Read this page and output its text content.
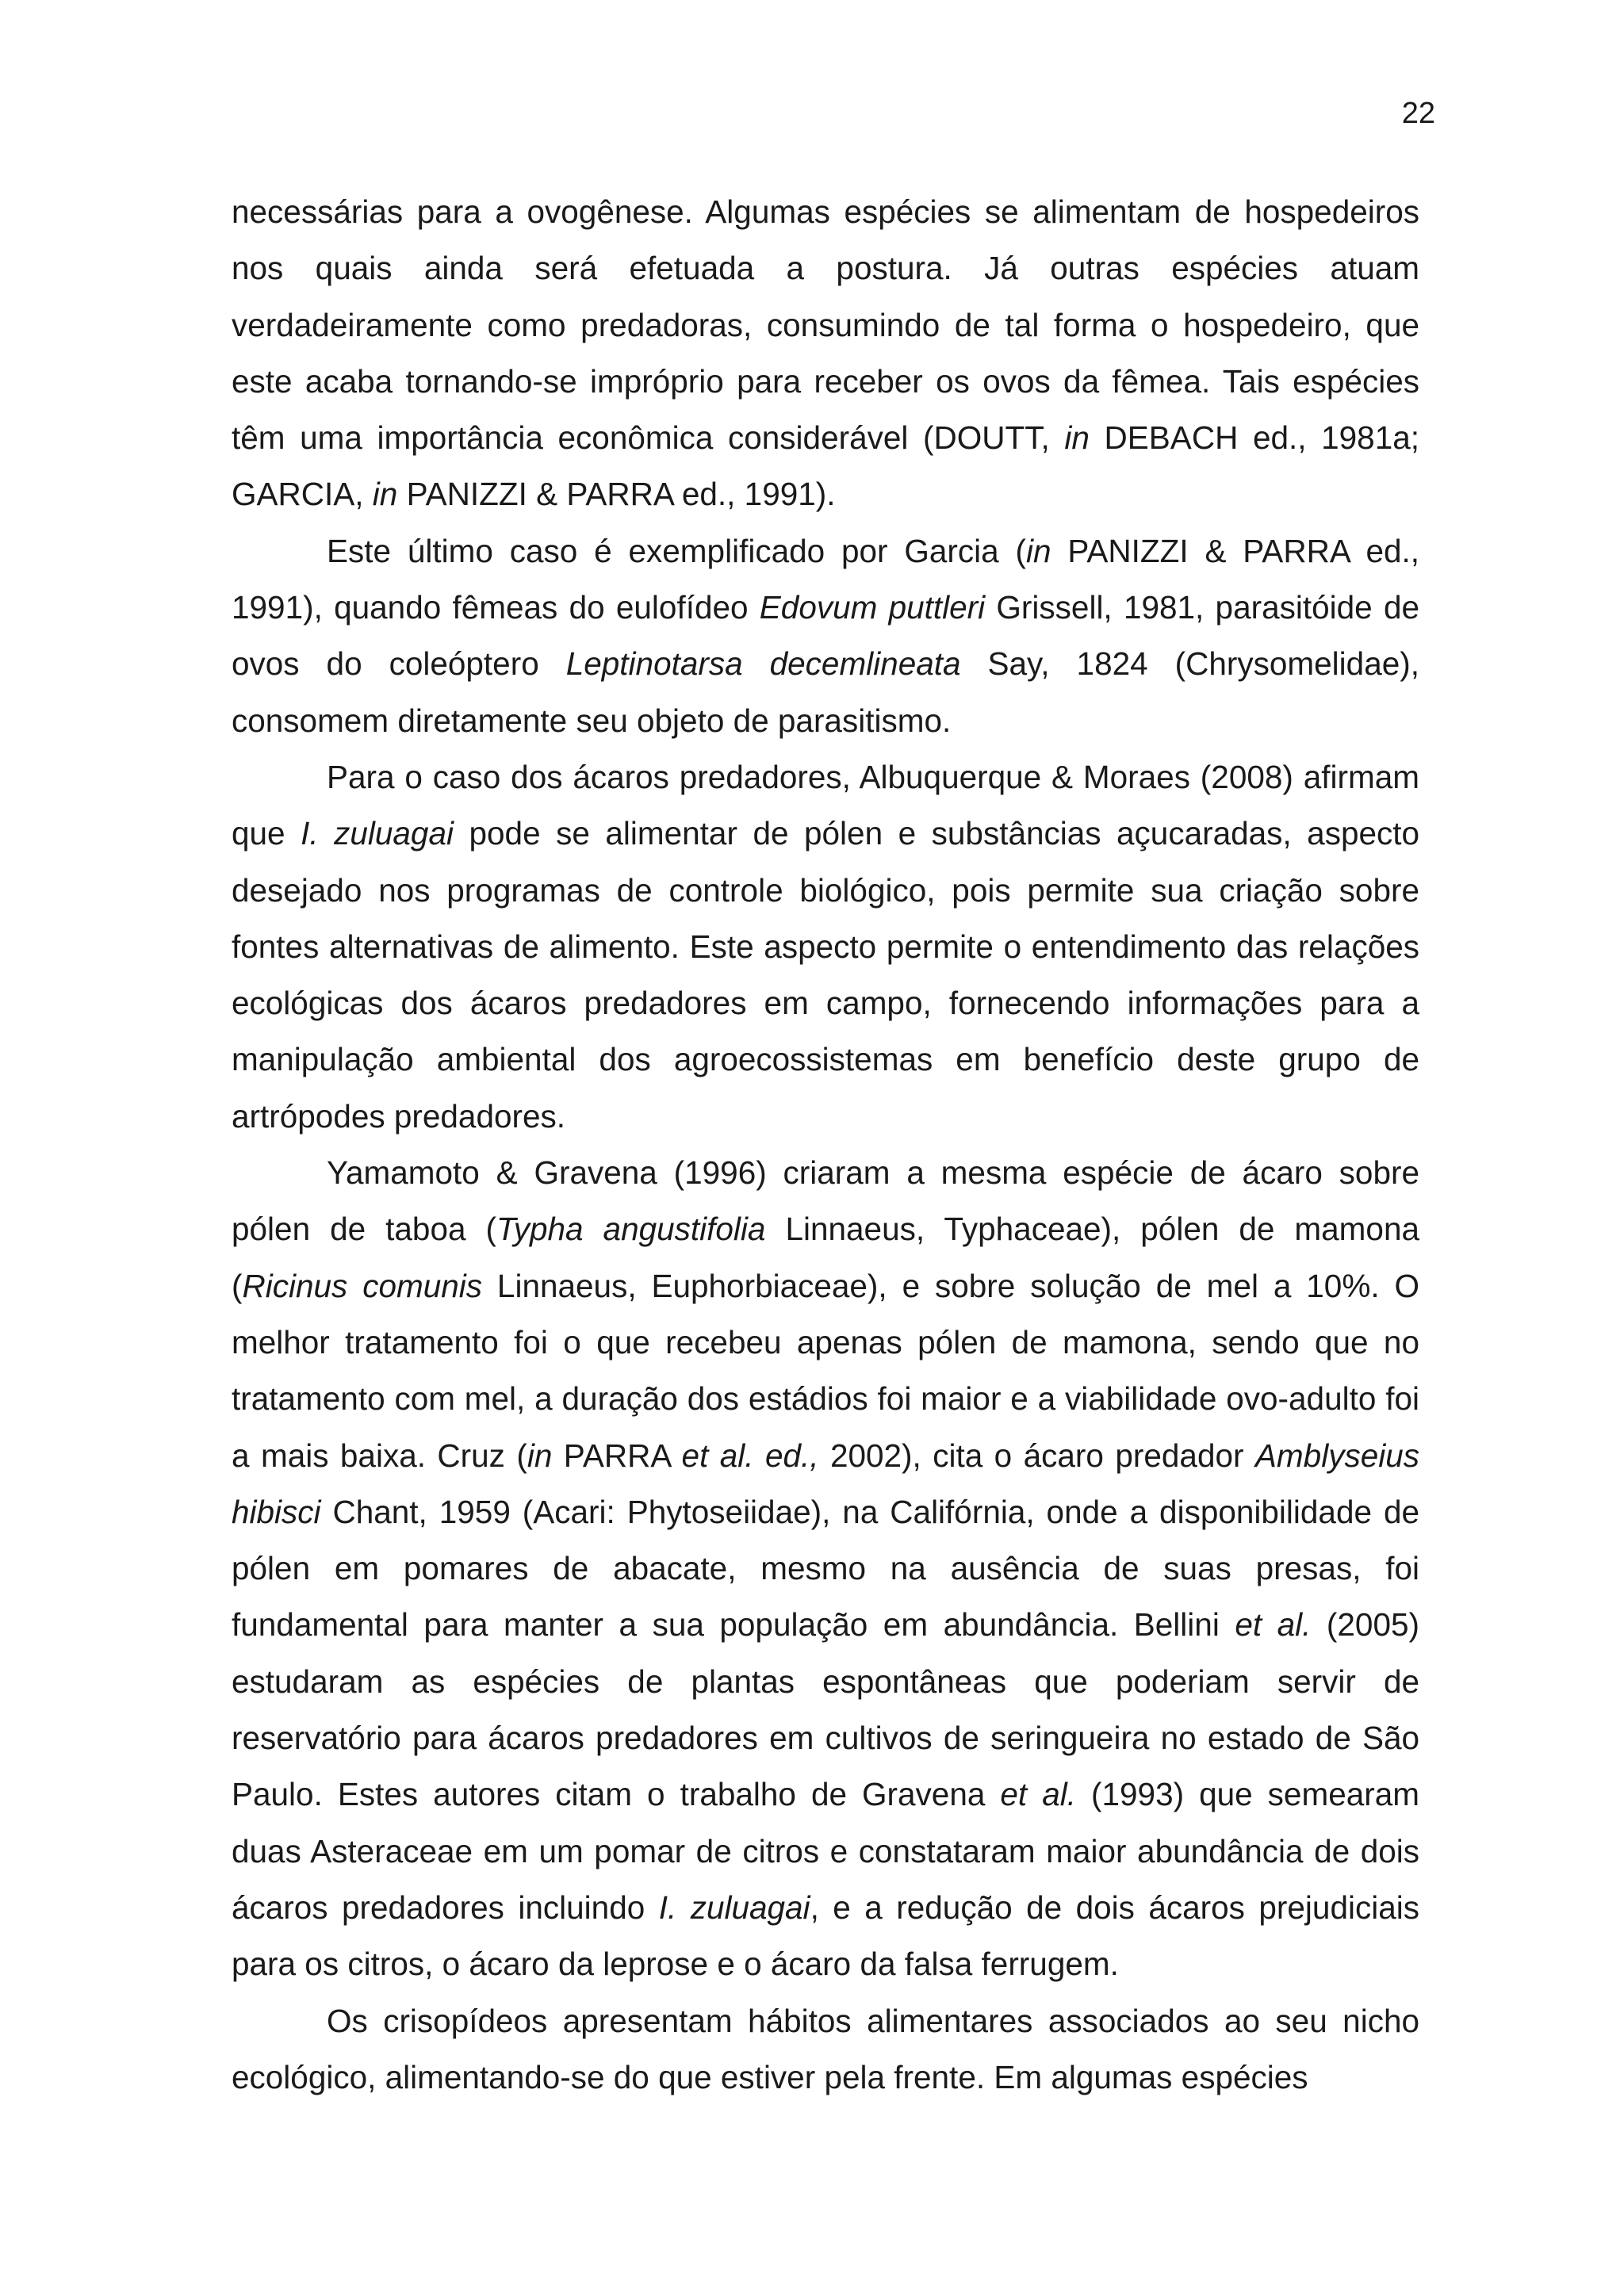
22

necessárias para a ovogênese. Algumas espécies se alimentam de hospedeiros nos quais ainda será efetuada a postura. Já outras espécies atuam verdadeiramente como predadoras, consumindo de tal forma o hospedeiro, que este acaba tornando-se impróprio para receber os ovos da fêmea. Tais espécies têm uma importância econômica considerável (DOUTT, in DEBACH ed., 1981a; GARCIA, in PANIZZI & PARRA ed., 1991).

Este último caso é exemplificado por Garcia (in PANIZZI & PARRA ed., 1991), quando fêmeas do eulofídeo Edovum puttleri Grissell, 1981, parasitóide de ovos do coleóptero Leptinotarsa decemlineata Say, 1824 (Chrysomelidae), consomem diretamente seu objeto de parasitismo.

Para o caso dos ácaros predadores, Albuquerque & Moraes (2008) afirmam que I. zuluagai pode se alimentar de pólen e substâncias açucaradas, aspecto desejado nos programas de controle biológico, pois permite sua criação sobre fontes alternativas de alimento. Este aspecto permite o entendimento das relações ecológicas dos ácaros predadores em campo, fornecendo informações para a manipulação ambiental dos agroecossistemas em benefício deste grupo de artrópodes predadores.

Yamamoto & Gravena (1996) criaram a mesma espécie de ácaro sobre pólen de taboa (Typha angustifolia Linnaeus, Typhaceae), pólen de mamona (Ricinus comunis Linnaeus, Euphorbiaceae), e sobre solução de mel a 10%. O melhor tratamento foi o que recebeu apenas pólen de mamona, sendo que no tratamento com mel, a duração dos estádios foi maior e a viabilidade ovo-adulto foi a mais baixa. Cruz (in PARRA et al. ed., 2002), cita o ácaro predador Amblyseius hibisci Chant, 1959 (Acari: Phytoseiidae), na Califórnia, onde a disponibilidade de pólen em pomares de abacate, mesmo na ausência de suas presas, foi fundamental para manter a sua população em abundância. Bellini et al. (2005) estudaram as espécies de plantas espontâneas que poderiam servir de reservatório para ácaros predadores em cultivos de seringueira no estado de São Paulo. Estes autores citam o trabalho de Gravena et al. (1993) que semearam duas Asteraceae em um pomar de citros e constataram maior abundância de dois ácaros predadores incluindo I. zuluagai, e a redução de dois ácaros prejudiciais para os citros, o ácaro da leprose e o ácaro da falsa ferrugem.

Os crisopídeos apresentam hábitos alimentares associados ao seu nicho ecológico, alimentando-se do que estiver pela frente. Em algumas espécies
